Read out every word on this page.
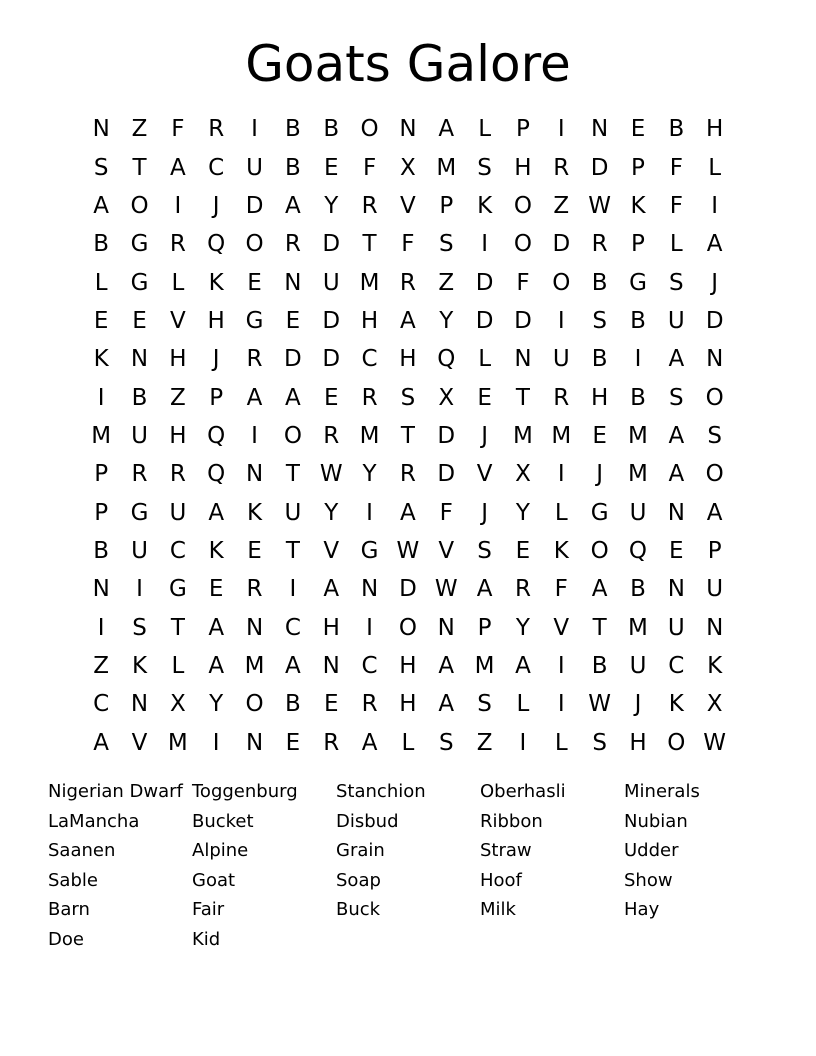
Goats Galore
N Z	F	R	I	B B O N A	L	P	I	N E	B H
S	T	A C U B	E	F	X M S H R D P	F	L
A O	I	J	D A	Y	R V	P	K O Z W K	F	I
B G R Q O R D T	F	S	I	O D R	P	L	A
L	G	L	K	E N U M R Z D F O B G S	J
E	E	V H G E D H A	Y D D	I	S	B U D
K N H	J	R D D C H Q L	N U B	I	A N
I	B Z	P	A A	E	R	S	X	E	T	R H B	S O
M U H Q	I	O R M T D	J	M M E M A	S
P	R R Q N T W Y	R D V X	I	J	M A O
P G U A K U Y	I	A	F	J	Y	L	G U N A
B U C K	E	T	V G W V	S	E	K O Q E	P
N	I	G E	R	I	A N D W A R	F	A B N U
I	S	T	A N C H	I	O N P	Y	V	T M U N
Z K	L	A M A N C H A M A	I	B U C K
C N X	Y O B	E	R H A	S	L	I	W	J	K X
A V M	I	N E	R A	L	S	Z	I	L	S H O W
Nigerian Dwarf
LaMancha
Saanen
Sable
Barn
Doe
Toggenburg
Bucket
Alpine
Goat
Fair
Kid
Stanchion
Disbud
Grain
Soap
Buck
Oberhasli
Ribbon
Straw
Hoof
Milk
Minerals
Nubian
Udder
Show
Hay
